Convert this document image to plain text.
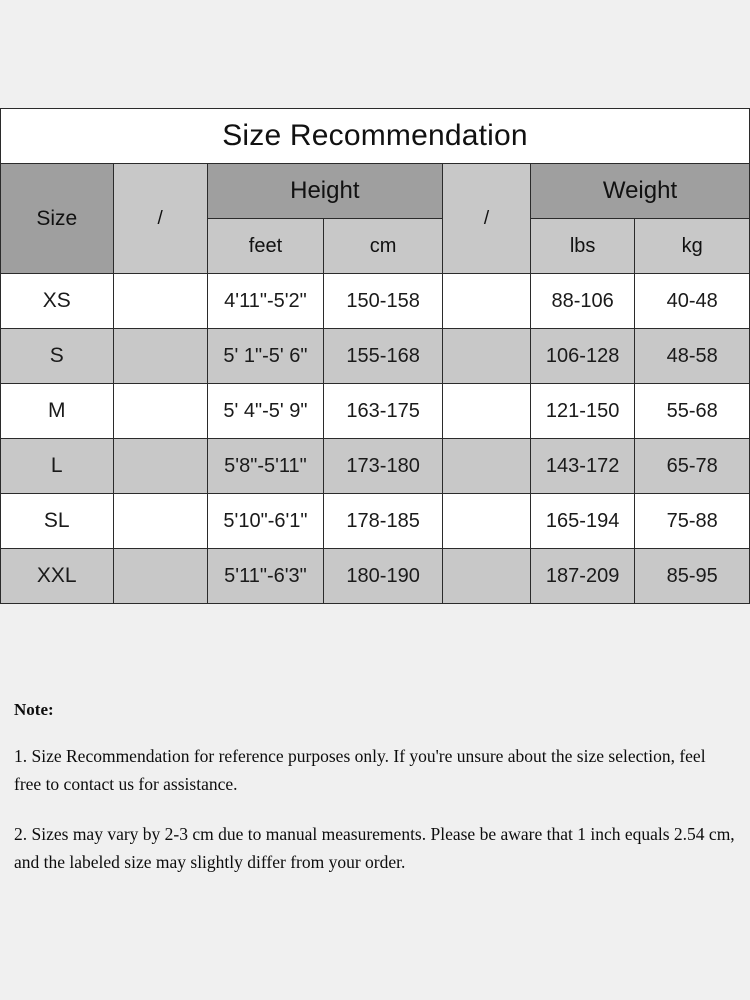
Size Recommendation						
Size	/	Height		/	Weight	
		feet	cm		lbs	kg
XS		4'11"-5'2"	150-158		88-106	40-48
S		5' 1"-5' 6"	155-168		106-128	48-58
M		5' 4"-5' 9"	163-175		121-150	55-68
L		5'8"-5'11"	173-180		143-172	65-78
SL		5'10"-6'1"	178-185		165-194	75-88
XXL		5'11"-6'3"	180-190		187-209	85-95

Note:

1. Size Recommendation for reference purposes only. If you're unsure about the size selection, feel free to contact us for assistance.

2. Sizes may vary by 2-3 cm due to manual measurements. Please be aware that 1 inch equals 2.54 cm, and the labeled size may slightly differ from your order.
